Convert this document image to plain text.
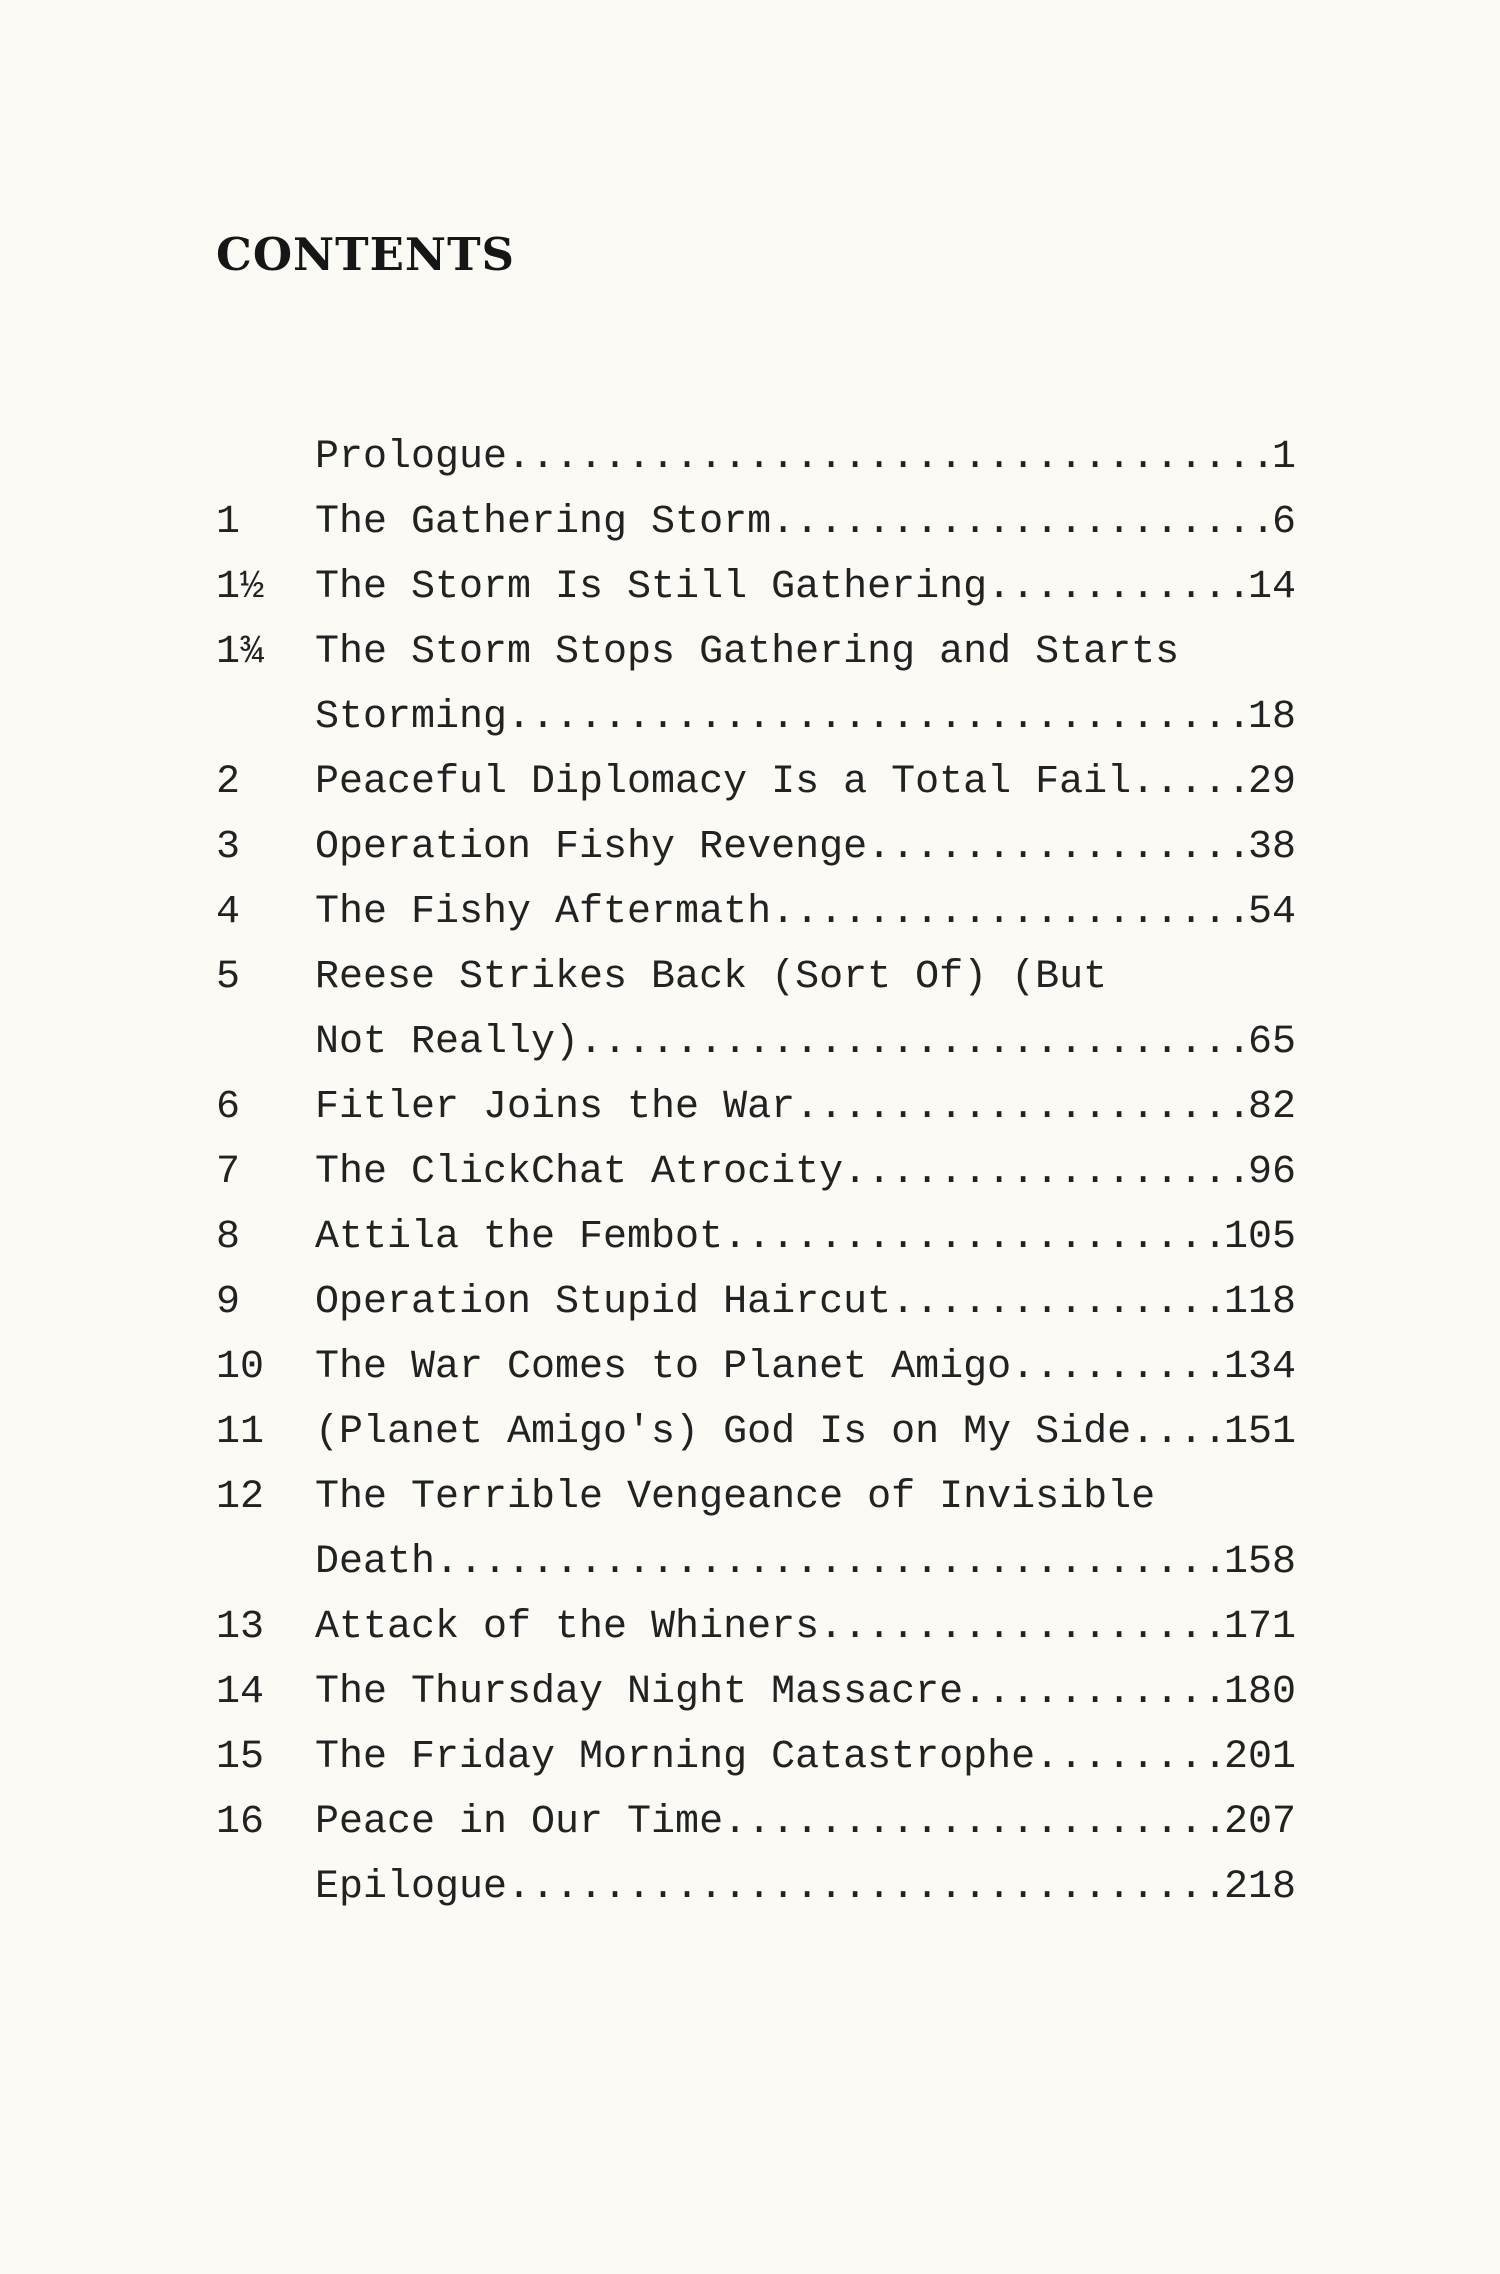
CONTENTS
Prologue .....	1
1	The Gathering Storm .....	6
1½	The Storm Is Still Gathering .....	14
1¾	The Storm Stops Gathering and Starts
Storming .....	18
2	Peaceful Diplomacy Is a Total Fail .....	29
3	Operation Fishy Revenge .....	38
4	The Fishy Aftermath .....	54
5	Reese Strikes Back (Sort Of) (But
Not Really) .....	65
6	Fitler Joins the War .....	82
7	The ClickChat Atrocity .....	96
8	Attila the Fembot .....	105
9	Operation Stupid Haircut .....	118
10	The War Comes to Planet Amigo .....	134
11	(Planet Amigo's) God Is on My Side ..... 151
12	The Terrible Vengeance of Invisible
Death .....	158
13	Attack of the Whiners .....	171
14	The Thursday Night Massacre .....	180
15	The Friday Morning Catastrophe .....	201
16	Peace in Our Time .....	207
Epilogue .....	218
